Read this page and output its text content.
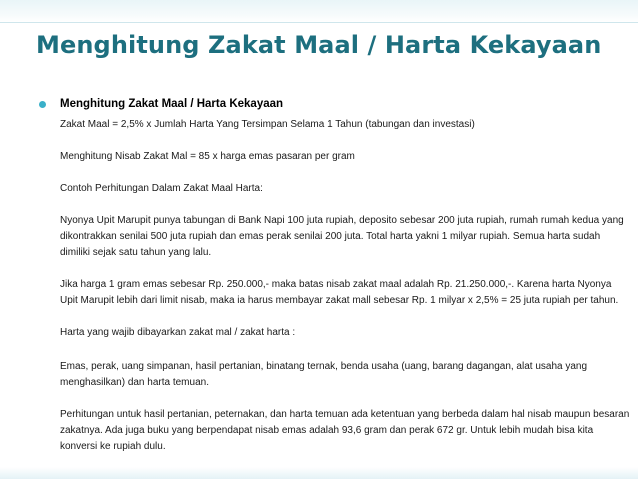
Menghitung Zakat Maal / Harta Kekayaan
Menghitung Zakat Maal / Harta Kekayaan

Zakat Maal = 2,5% x Jumlah Harta Yang Tersimpan Selama 1 Tahun (tabungan dan investasi)

Menghitung Nisab Zakat Mal = 85 x harga emas pasaran per gram

Contoh Perhitungan Dalam Zakat Maal Harta:

Nyonya Upit Marupit punya tabungan di Bank Napi 100 juta rupiah, deposito sebesar 200 juta rupiah, rumah rumah kedua yang dikontrakkan senilai 500 juta rupiah dan emas perak senilai 200 juta. Total harta yakni 1 milyar rupiah. Semua harta sudah dimiliki sejak satu tahun yang lalu.

Jika harga 1 gram emas sebesar Rp. 250.000,- maka batas nisab zakat maal adalah Rp. 21.250.000,-. Karena harta Nyonya Upit Marupit lebih dari limit nisab, maka ia harus membayar zakat mall sebesar Rp. 1 milyar x 2,5% = 25 juta rupiah per tahun.

Harta yang wajib dibayarkan zakat mal / zakat harta :

Emas, perak, uang simpanan, hasil pertanian, binatang ternak, benda usaha (uang, barang dagangan, alat usaha yang menghasilkan) dan harta temuan.

Perhitungan untuk hasil pertanian, peternakan, dan harta temuan ada ketentuan yang berbeda dalam hal nisab maupun besaran zakatnya. Ada juga buku yang berpendapat nisab emas adalah 93,6 gram dan perak 672 gr. Untuk lebih mudah bisa kita konversi ke rupiah dulu.
